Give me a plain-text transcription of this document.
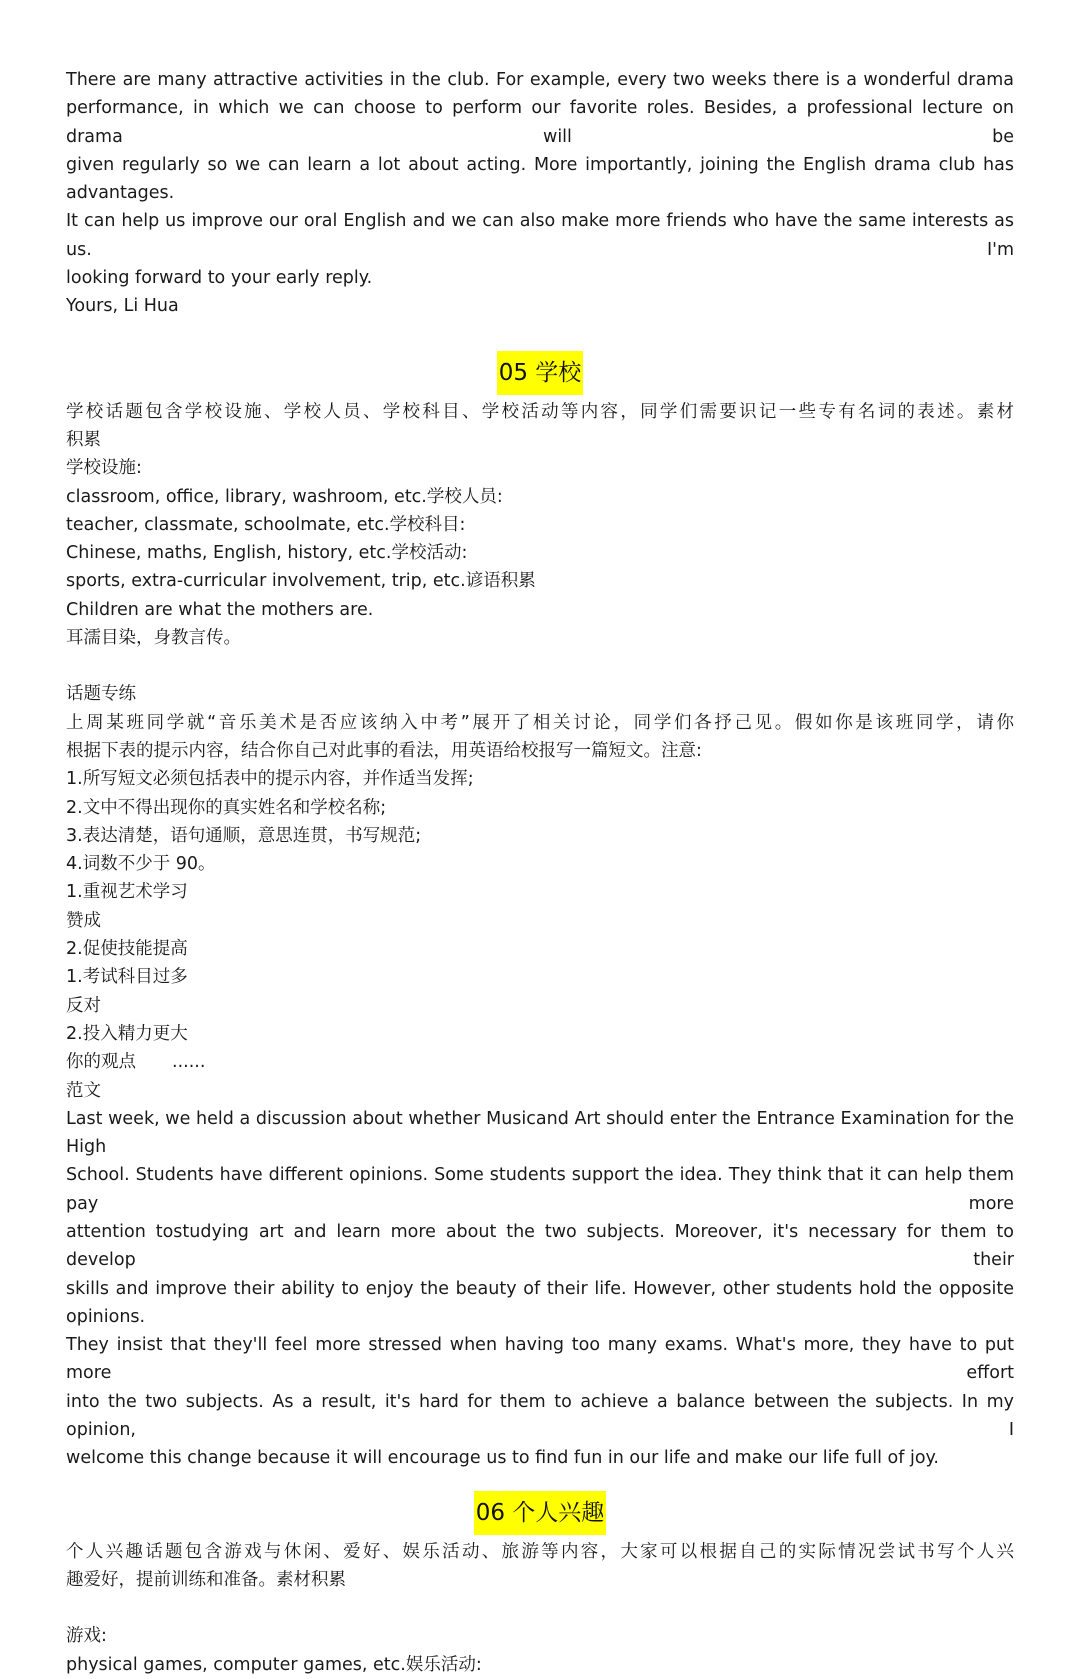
There are many attractive activities in the club. For example, every two weeks there is a wonderful drama
performance, in which we can choose to perform our favorite roles. Besides, a professional lecture on drama will be
given regularly so we can learn a lot about acting. More importantly, joining the English drama club has advantages.
It can help us improve our oral English and we can also make more friends who have the same interests as us. I'm
looking forward to your early reply.
Yours, Li Hua
05 学校
学校话题包含学校设施、学校人员、学校科目、学校活动等内容，同学们需要识记一些专有名词的表述。素材
积累
学校设施:
classroom, office, library, washroom, etc.学校人员:
teacher, classmate, schoolmate, etc.学校科目:
Chinese, maths, English, history, etc.学校活动:
sports, extra-curricular involvement, trip, etc.谚语积累
Children are what the mothers are.
耳濡目染，身教言传。
话题专练
上周某班同学就“音乐美术是否应该纳入中考”展开了相关讨论，同学们各抒己见。假如你是该班同学，请你
根据下表的提示内容，结合你自己对此事的看法，用英语给校报写一篇短文。注意:
1.所写短文必须包括表中的提示内容，并作适当发挥;
2.文中不得出现你的真实姓名和学校名称;
3.表达清楚，语句通顺，意思连贯，书写规范;
4.词数不少于 90。
1.重视艺术学习
赞成
2.促使技能提高
1.考试科目过多
反对
2.投入精力更大
你的观点 ......
范文
Last week, we held a discussion about whether Musicand Art should enter the Entrance Examination for the High
School. Students have different opinions. Some students support the idea. They think that it can help them pay more
attention tostudying art and learn more about the two subjects. Moreover, it's necessary for them to develop their
skills and improve their ability to enjoy the beauty of their life. However, other students hold the opposite opinions.
They insist that they'll feel more stressed when having too many exams. What's more, they have to put more effort
into the two subjects. As a result, it's hard for them to achieve a balance between the subjects. In my opinion, I
welcome this change because it will encourage us to find fun in our life and make our life full of joy.
06 个人兴趣
个人兴趣话题包含游戏与休闲、爱好、娱乐活动、旅游等内容，大家可以根据自己的实际情况尝试书写个人兴
趣爱好，提前训练和准备。素材积累
游戏:
physical games, computer games, etc.娱乐活动:
